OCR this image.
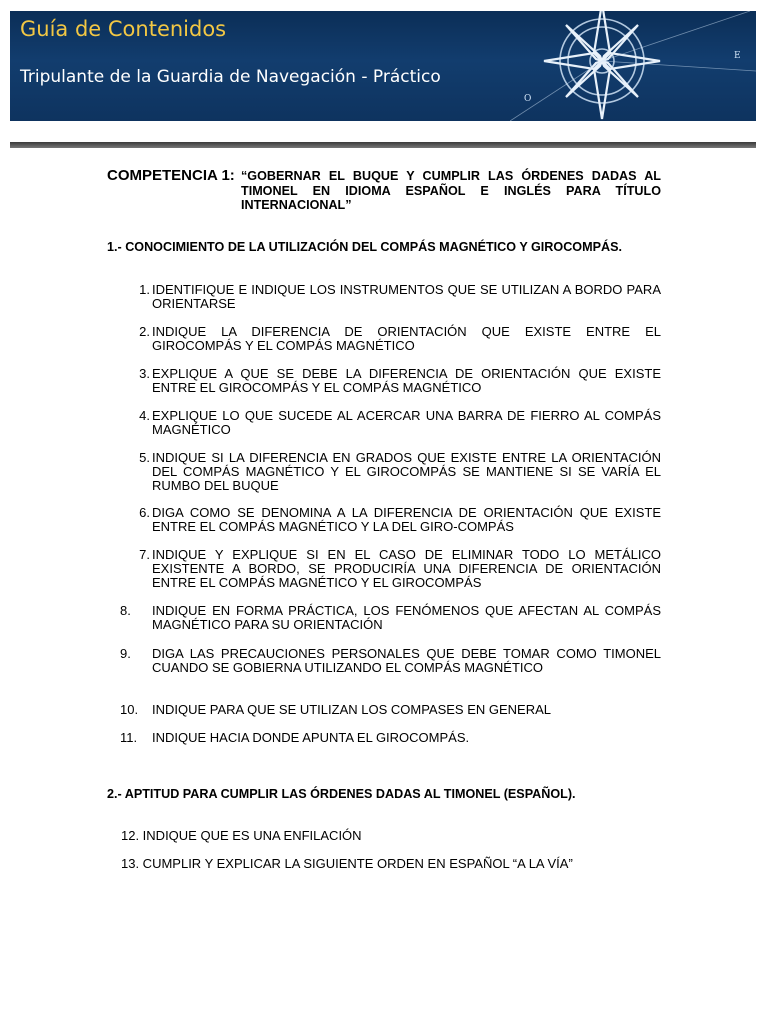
Guía de Contenidos
Tripulante de la Guardia de Navegación - Práctico
E
O
COMPETENCIA 1: “GOBERNAR EL BUQUE Y CUMPLIR LAS ÓRDENES DADAS AL TIMONEL EN IDIOMA ESPAÑOL E INGLÉS PARA TÍTULO INTERNACIONAL”
1.- CONOCIMIENTO DE LA UTILIZACIÓN DEL COMPÁS MAGNÉTICO Y GIROCOMPÁS.
1. IDENTIFIQUE E INDIQUE LOS INSTRUMENTOS QUE SE UTILIZAN A BORDO PARA ORIENTARSE
2. INDIQUE LA DIFERENCIA DE ORIENTACIÓN QUE EXISTE ENTRE EL GIROCOMPÁS Y EL COMPÁS MAGNÉTICO
3. EXPLIQUE A QUE SE DEBE LA DIFERENCIA DE ORIENTACIÓN QUE EXISTE ENTRE EL GIROCOMPÁS Y EL COMPÁS MAGNÉTICO
4. EXPLIQUE LO QUE SUCEDE AL ACERCAR UNA BARRA DE FIERRO AL COMPÁS MAGNÉTICO
5. INDIQUE SI LA DIFERENCIA EN GRADOS QUE EXISTE ENTRE LA ORIENTACIÓN DEL COMPÁS MAGNÉTICO Y EL GIROCOMPÁS SE MANTIENE SI SE VARÍA EL RUMBO DEL BUQUE
6. DIGA COMO SE DENOMINA A LA DIFERENCIA DE ORIENTACIÓN QUE EXISTE ENTRE EL COMPÁS MAGNÉTICO Y LA DEL GIRO-COMPÁS
7. INDIQUE Y EXPLIQUE SI EN EL CASO DE ELIMINAR TODO LO METÁLICO EXISTENTE A BORDO, SE PRODUCIRÍA UNA DIFERENCIA DE ORIENTACIÓN ENTRE EL COMPÁS MAGNÉTICO Y EL GIROCOMPÁS
8.	INDIQUE EN FORMA PRÁCTICA, LOS FENÓMENOS QUE AFECTAN AL COMPÁS MAGNÉTICO PARA SU ORIENTACIÓN
9.	DIGA LAS PRECAUCIONES PERSONALES QUE DEBE TOMAR COMO TIMONEL CUANDO SE GOBIERNA UTILIZANDO EL COMPÁS MAGNÉTICO
10.	INDIQUE PARA QUE SE UTILIZAN LOS COMPASES EN GENERAL
11.	INDIQUE HACIA DONDE APUNTA EL GIROCOMPÁS.
2.- APTITUD PARA CUMPLIR LAS ÓRDENES DADAS AL TIMONEL (ESPAÑOL).
12. INDIQUE QUE ES UNA ENFILACIÓN
13. CUMPLIR Y EXPLICAR LA SIGUIENTE ORDEN EN ESPAÑOL “A LA VÍA”
